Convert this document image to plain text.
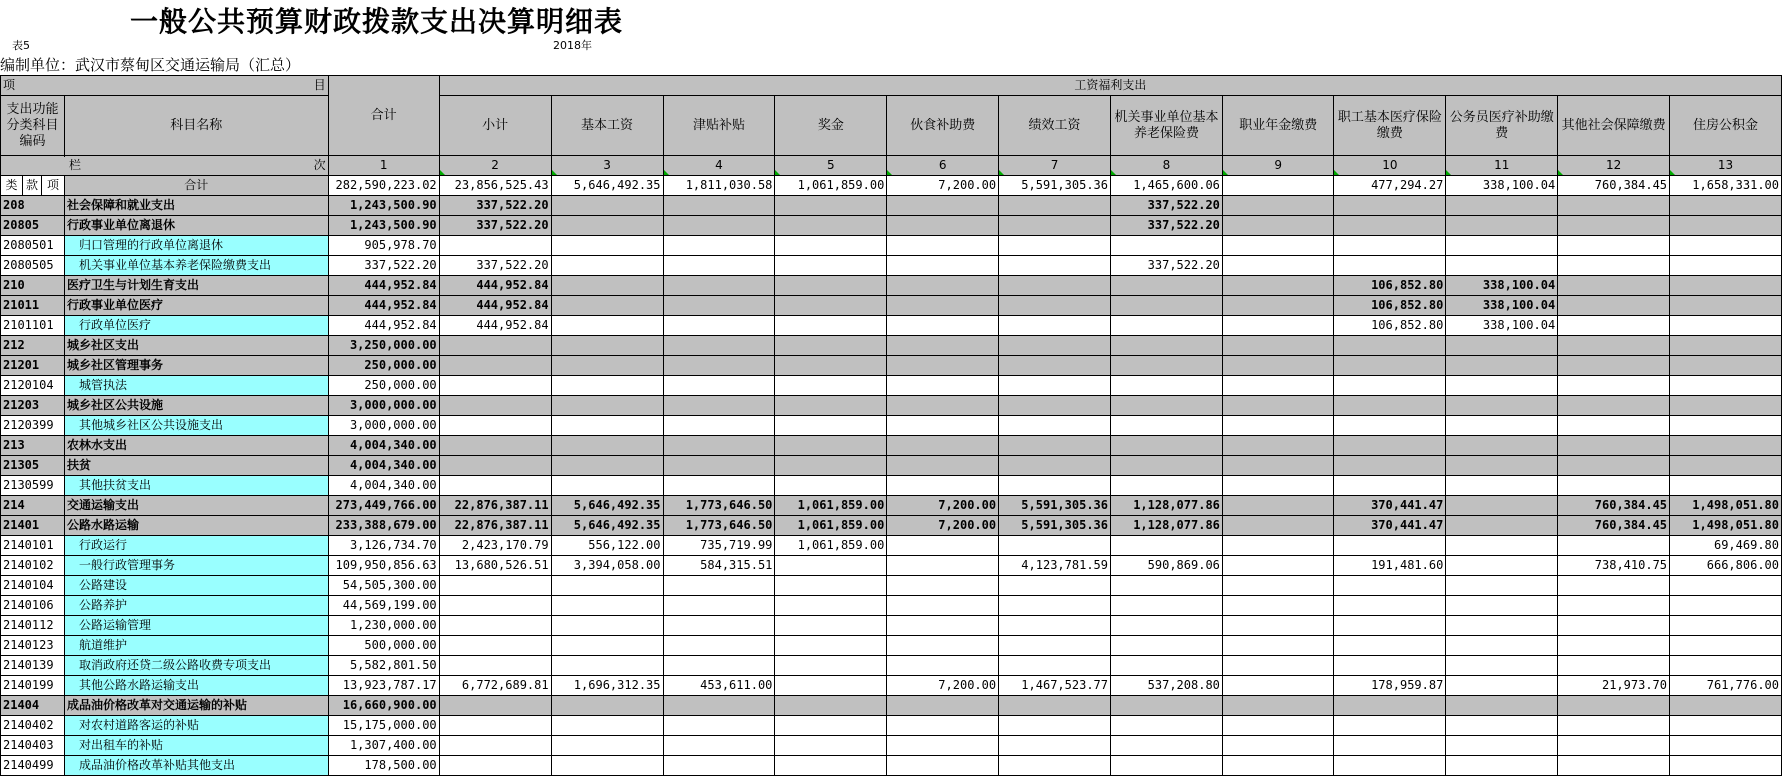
一般公共预算财政拨款支出决算明细表
表5	2018年
编制单位：武汉市蔡甸区交通运输局（汇总）
项 目				合计	工资福利支出											
支出功能分类科目编码			科目名称		小计	基本工资	津贴补贴	奖金	伙食补助费	绩效工资	机关事业单位基本养老保险费	职业年金缴费	职工基本医疗保险缴费	公务员医疗补助缴费	其他社会保障缴费	住房公积金

栏 次				1	2	3	4	5	6	7	8	9	10	11	12	13
类	款	项	合计	282,590,223.02	23,856,525.43	5,646,492.35	1,811,030.58	1,061,859.00	7,200.00	5,591,305.36	1,465,600.06		477,294.27	338,100.04	760,384.45	1,658,331.00
208			社会保障和就业支出	1,243,500.90	337,522.20						337,522.20					
20805			行政事业单位离退休	1,243,500.90	337,522.20						337,522.20					
2080501			归口管理的行政单位离退休	905,978.70												
2080505			机关事业单位基本养老保险缴费支出	337,522.20	337,522.20						337,522.20					
210			医疗卫生与计划生育支出	444,952.84	444,952.84								106,852.80	338,100.04		
21011			行政事业单位医疗	444,952.84	444,952.84								106,852.80	338,100.04		
2101101			行政单位医疗	444,952.84	444,952.84								106,852.80	338,100.04		
212			城乡社区支出	3,250,000.00												
21201			城乡社区管理事务	250,000.00												
2120104			城管执法	250,000.00												
21203			城乡社区公共设施	3,000,000.00												
2120399			其他城乡社区公共设施支出	3,000,000.00												
213			农林水支出	4,004,340.00												
21305			扶贫	4,004,340.00												
2130599			其他扶贫支出	4,004,340.00												
214			交通运输支出	273,449,766.00	22,876,387.11	5,646,492.35	1,773,646.50	1,061,859.00	7,200.00	5,591,305.36	1,128,077.86		370,441.47		760,384.45	1,498,051.80
21401			公路水路运输	233,388,679.00	22,876,387.11	5,646,492.35	1,773,646.50	1,061,859.00	7,200.00	5,591,305.36	1,128,077.86		370,441.47		760,384.45	1,498,051.80
2140101			行政运行	3,126,734.70	2,423,170.79	556,122.00	735,719.99	1,061,859.00								69,469.80
2140102			一般行政管理事务	109,950,856.63	13,680,526.51	3,394,058.00	584,315.51			4,123,781.59	590,869.06		191,481.60		738,410.75	666,806.00
2140104			公路建设	54,505,300.00												
2140106			公路养护	44,569,199.00												
2140112			公路运输管理	1,230,000.00												
2140123			航道维护	500,000.00												
2140139			取消政府还贷二级公路收费专项支出	5,582,801.50												
2140199			其他公路水路运输支出	13,923,787.17	6,772,689.81	1,696,312.35	453,611.00		7,200.00	1,467,523.77	537,208.80		178,959.87		21,973.70	761,776.00
21404			成品油价格改革对交通运输的补贴	16,660,900.00												
2140402			对农村道路客运的补贴	15,175,000.00												
2140403			对出租车的补贴	1,307,400.00												
2140499			成品油价格改革补贴其他支出	178,500.00												
